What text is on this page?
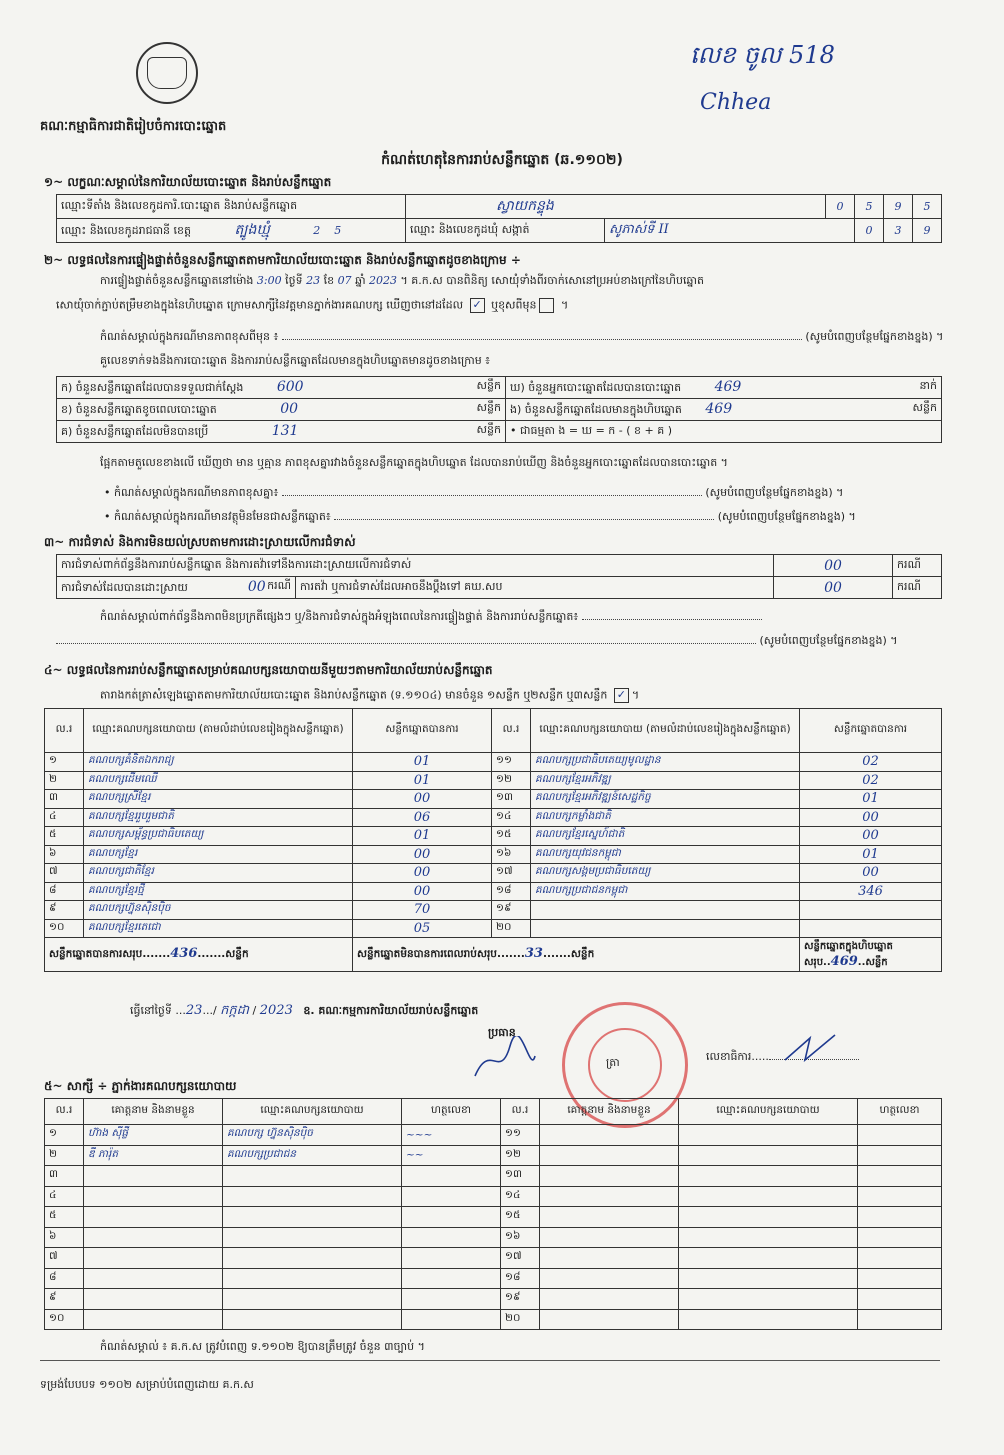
លេខ ចូល 518
Chhea
គណៈកម្មាធិការជាតិរៀបចំការបោះឆ្នោត
កំណត់ហេតុនៃការរាប់សន្លឹកឆ្នោត (ឆ.១១០២)
១~ លក្ខណៈសម្គាល់នៃការិយាល័យបោះឆ្នោត និងរាប់សន្លឹកឆ្នោត
ឈ្មោះទីតាំង និងលេខកូដការិ.បោះឆ្នោត និងរាប់សន្លឹកឆ្នោត	ស្វាយកន្ទុង		0	5	9	5
ឈ្មោះ និងលេខកូដរាជធានី ខេត្ត ត្បូងឃ្មុំ 2 5	ឈ្មោះ និងលេខកូដឃុំ សង្កាត់	សូភាស់ទី II		0	3	9
២~ លទ្ធផលនៃការផ្ទៀងផ្ទាត់ចំនួនសន្លឹកឆ្នោតតាមការិយាល័យបោះឆ្នោត និងរាប់សន្លឹកឆ្នោតដូចខាងក្រោម ÷
ការផ្ទៀងផ្ទាត់ចំនួនសន្លឹកឆ្នោតនៅម៉ោង 3:00 ថ្ងៃទី 23 ខែ 07 ឆ្នាំ 2023 ។ គ.ក.ស បានពិនិត្យ សោយុំទាំងពីរចាក់សោនៅប្រអប់ខាងក្រៅនៃហិបឆ្នោត
សោយុំចាក់ភ្ជាប់តម្រឹមខាងក្នុងនៃហិបឆ្នោត ក្រោមសាក្សីនៃវត្តមានភ្នាក់ងារគណបក្ស ឃើញថានៅដដែល ✓ ឬខុសពីមុន ។
កំណត់សម្គាល់ក្នុងករណីមានភាពខុសពីមុន ៖	(សូមបំពេញបន្ថែមផ្នែកខាងខ្នង) ។
គួលេខទាក់ទងនឹងការបោះឆ្នោត និងការរាប់សន្លឹកឆ្នោតដែលមានក្នុងហិបឆ្នោតមានដូចខាងក្រោម ៖
ក) ចំនួនសន្លឹកឆ្នោតដែលបានទទួលជាក់ស្តែង 600 សន្លឹក	ឃ) ចំនួនអ្នកបោះឆ្នោតដែលបានបោះឆ្នោត 469 នាក់

ខ) ចំនួនសន្លឹកឆ្នោតខូចពេលបោះឆ្នោត 00 សន្លឹក	ង) ចំនួនសន្លឹកឆ្នោតដែលមានក្នុងហិបឆ្នោត 469 សន្លឹក

គ) ចំនួនសន្លឹកឆ្នោតដែលមិនបានប្រើ 131 សន្លឹក	• ជាធម្មតា ង = ឃ = ក - ( ខ + គ )
ផ្អែកតាមតួលេខខាងលើ ឃើញថា មាន ឬគ្មាន ភាពខុសគ្នារវាងចំនួនសន្លឹកឆ្នោតក្នុងហិបឆ្នោត ដែលបានរាប់ឃើញ និងចំនួនអ្នកបោះឆ្នោតដែលបានបោះឆ្នោត ។
• កំណត់សម្គាល់ក្នុងករណីមានភាពខុសគ្នា៖	(សូមបំពេញបន្ថែមផ្នែកខាងខ្នង) ។
• កំណត់សម្គាល់ក្នុងករណីមានវត្ថុមិនមែនជាសន្លឹកឆ្នោត៖	(សូមបំពេញបន្ថែមផ្នែកខាងខ្នង) ។
៣~ ការជំទាស់ និងការមិនយល់ស្របតាមការដោះស្រាយលើការជំទាស់
ការជំទាស់ពាក់ព័ន្ធនឹងការរាប់សន្លឹកឆ្នោត និងការតវ៉ាទៅនឹងការដោះស្រាយលើការជំទាស់		00	ករណី
ការជំទាស់ដែលបានដោះស្រាយ 00 ករណី	ការតវ៉ា ឬការជំទាស់ដែលអាចនឹងប្តឹងទៅ គឃ.សប	00	ករណី
កំណត់សម្គាល់ពាក់ព័ន្ធនឹងភាពមិនប្រក្រតីផ្សេងៗ ឬ/និងការជំទាស់ក្នុងអំឡុងពេលនៃការផ្ទៀងផ្ទាត់ និងការរាប់សន្លឹកឆ្នោត៖
(សូមបំពេញបន្ថែមផ្នែកខាងខ្នង) ។
៤~ លទ្ធផលនៃការរាប់សន្លឹកឆ្នោតសម្រាប់គណបក្សនយោបាយនីមួយៗតាមការិយាល័យរាប់សន្លឹកឆ្នោត
តារាងកត់ត្រាសំឡេងឆ្នោតតាមការិយាល័យបោះឆ្នោត និងរាប់សន្លឹកឆ្នោត (ទ.១១០៤) មានចំនួន ១សន្លឹក ឬ២សន្លឹក ឬ៣សន្លឹក ✓ ។
ល.រ	ឈ្មោះគណបក្សនយោបាយ (តាមលំដាប់លេខរៀងក្នុងសន្លឹកឆ្នោត)	សន្លឹកឆ្នោតបានការ	ល.រ	ឈ្មោះគណបក្សនយោបាយ (តាមលំដាប់លេខរៀងក្នុងសន្លឹកឆ្នោត)	សន្លឹកឆ្នោតបានការ
១	គណបក្សគំនិតឯករាជ្យ	01	១១	គណបក្សប្រជាធិបតេយ្យមូលដ្ឋាន	02
២	គណបក្សដើមឈើ	01	១២	គណបក្សខ្មែរអភិវឌ្ឍ	02
៣	គណបក្សស្រីខ្មែរ	00	១៣	គណបក្សខ្មែរអភិវឌ្ឍន៍សេដ្ឋកិច្ច	01
៤	គណបក្សខ្មែររួបរួមជាតិ	06	១៤	គណបក្សកម្លាំងជាតិ	00
៥	គណបក្សសម្ព័ន្ធប្រជាធិបតេយ្យ	01	១៥	គណបក្សខ្មែរស្នេហ៍ជាតិ	00
៦	គណបក្សខ្មែរ	00	១៦	គណបក្សយុវជនកម្ពុជា	01
៧	គណបក្សជាតិខ្មែរ	00	១៧	គណបក្សសង្គមប្រជាធិបតេយ្យ	00
៨	គណបក្សខ្មែរថ្មី	00	១៨	គណបក្សប្រជាជនកម្ពុជា	346
៩	គណបក្សហ្វ៊ុនស៊ិនប៉ិច	70	១៩		
១០	គណបក្សខ្មែរតេជោ	05	២០		
សន្លឹកឆ្នោតបានការសរុប.......436.......សន្លឹក		សន្លឹកឆ្នោតមិនបានការពេលរាប់សរុប.......33.......សន្លឹក			សន្លឹកឆ្នោតក្នុងហិបឆ្នោតសរុប..469..សន្លឹក
ធ្វើនៅថ្ងៃទី ...23.../ កក្កដា / 2023 ឧ. គណៈកម្មការការិយាល័យរាប់សន្លឹកឆ្នោត
ប្រធាន
ត្រា	លេខាធិការ.....
៥~ សាក្សី ÷ ភ្នាក់ងារគណបក្សនយោបាយ
ល.រ	គោត្តនាម និងនាមខ្លួន	ឈ្មោះគណបក្សនយោបាយ	ហត្ថលេខា	ល.រ	គោត្តនាម និងនាមខ្លួន	ឈ្មោះគណបក្សនយោបាយ	ហត្ថលេខា
១	ហ៊ាង ស៊ីផ្លី	គណបក្ស ហ្វ៊ុនស៊ិនប៉ិច	~~~	១១			
២	ឌី ភារ៉ុត	គណបក្សប្រជាជន	~~	១២			
៣				១៣			
៤				១៤			
៥				១៥			
៦				១៦			
៧				១៧			
៨				១៨			
៩				១៩			
១០				២០			
កំណត់សម្គាល់ ៖ គ.ក.ស ត្រូវបំពេញ ទ.១១០២ ឱ្យបានត្រឹមត្រូវ ចំនួន ៣ច្បាប់ ។
ទម្រង់បែបបទ ១១០២ សម្រាប់បំពេញដោយ គ.ក.ស
